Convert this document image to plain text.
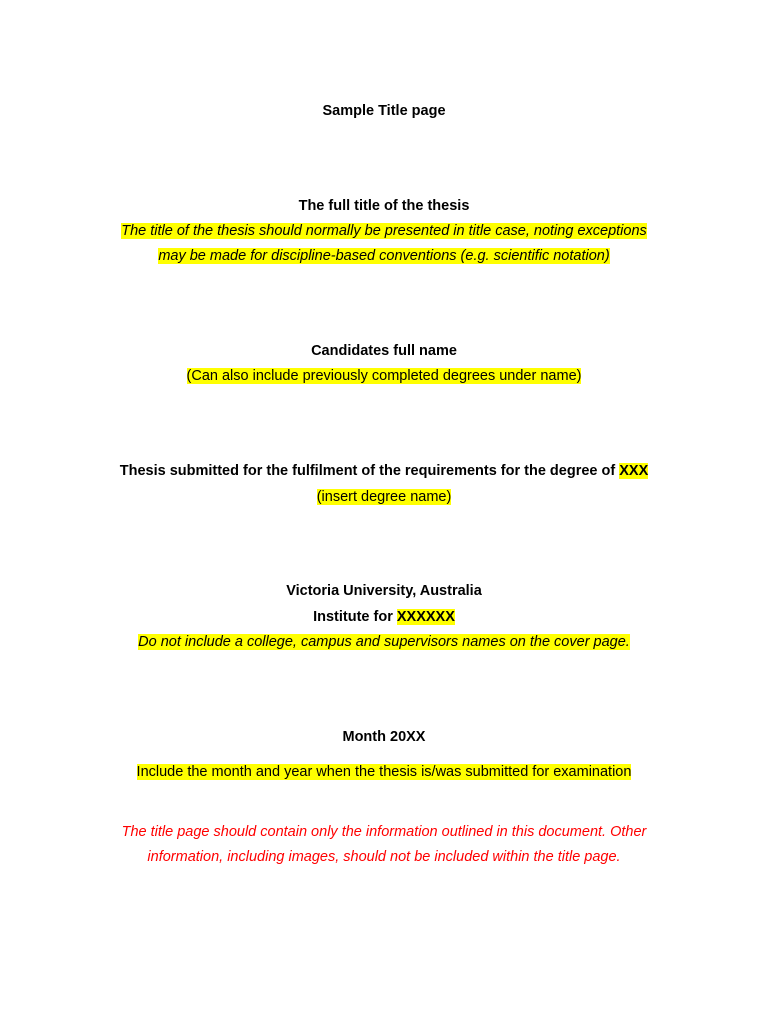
Sample Title page
The full title of the thesis
The title of the thesis should normally be presented in title case, noting exceptions
may be made for discipline-based conventions (e.g. scientific notation)
Candidates full name
(Can also include previously completed degrees under name)
Thesis submitted for the fulfilment of the requirements for the degree of XXX
(insert degree name)
Victoria University, Australia
Institute for XXXXXX
Do not include a college, campus and supervisors names on the cover page.
Month 20XX
Include the month and year when the thesis is/was submitted for examination
The title page should contain only the information outlined in this document. Other
information, including images, should not be included within the title page.
